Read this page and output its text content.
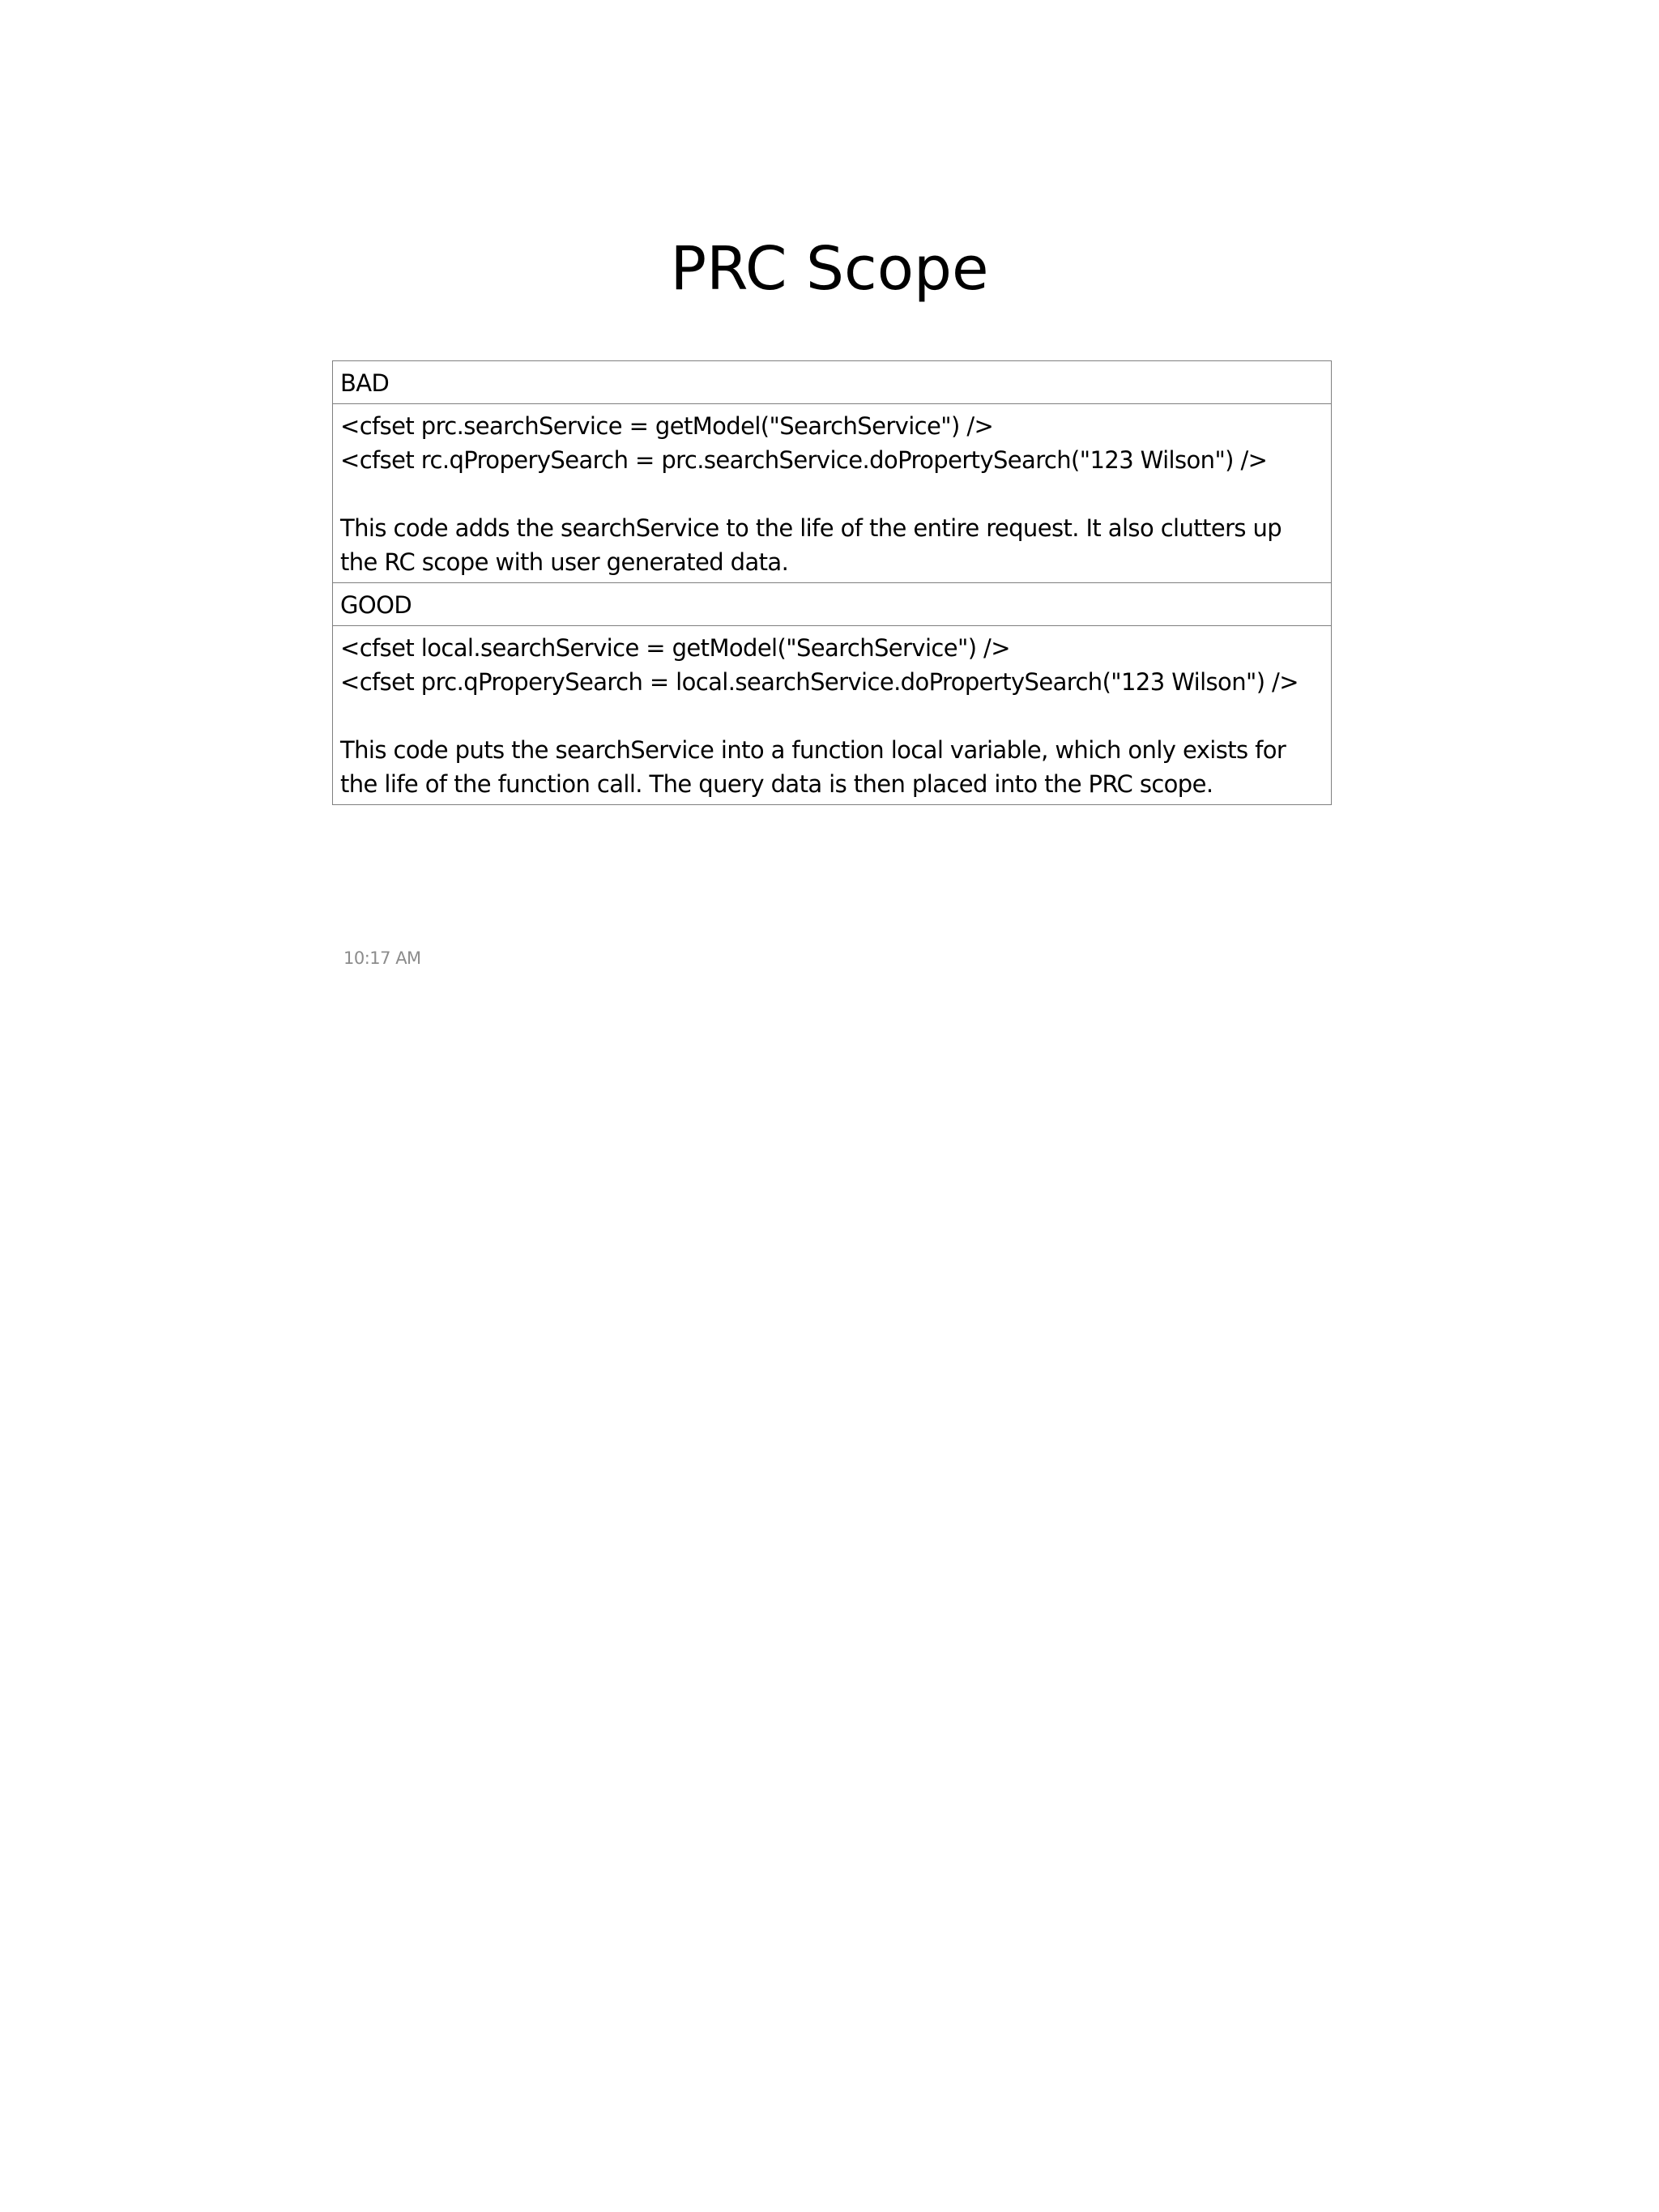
PRC Scope
BAD

<cfset prc.searchService = getModel("SearchService") />
<cfset rc.qProperySearch = prc.searchService.doPropertySearch("123 Wilson") />
This code adds the searchService to the life of the entire request. It also clutters up
the RC scope with user generated data.

GOOD

<cfset local.searchService = getModel("SearchService") />
<cfset prc.qProperySearch = local.searchService.doPropertySearch("123 Wilson") />
This code puts the searchService into a function local variable, which only exists for
the life of the function call. The query data is then placed into the PRC scope.
10:17 AM
